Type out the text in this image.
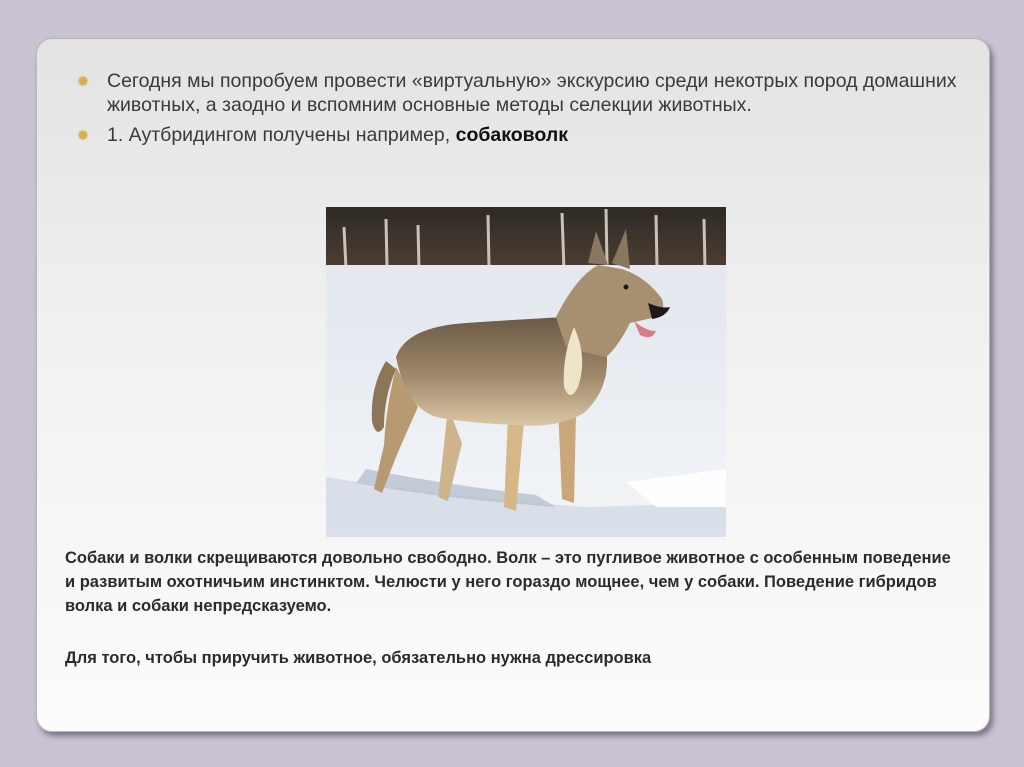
Сегодня мы попробуем провести «виртуальную» экскурсию среди некотрых пород домашних животных, а заодно и вспомним основные методы селекции животных.
1. Аутбридингом получены например, собаковолк

Собаки и волки скрещиваются довольно свободно. Волк – это пугливое животное с особенным поведение и развитым охотничьим инстинктом. Челюсти у него гораздо мощнее, чем у собаки. Поведение гибридов волка и собаки непредсказуемо.

Для того, чтобы приручить животное, обязательно нужна дрессировка
